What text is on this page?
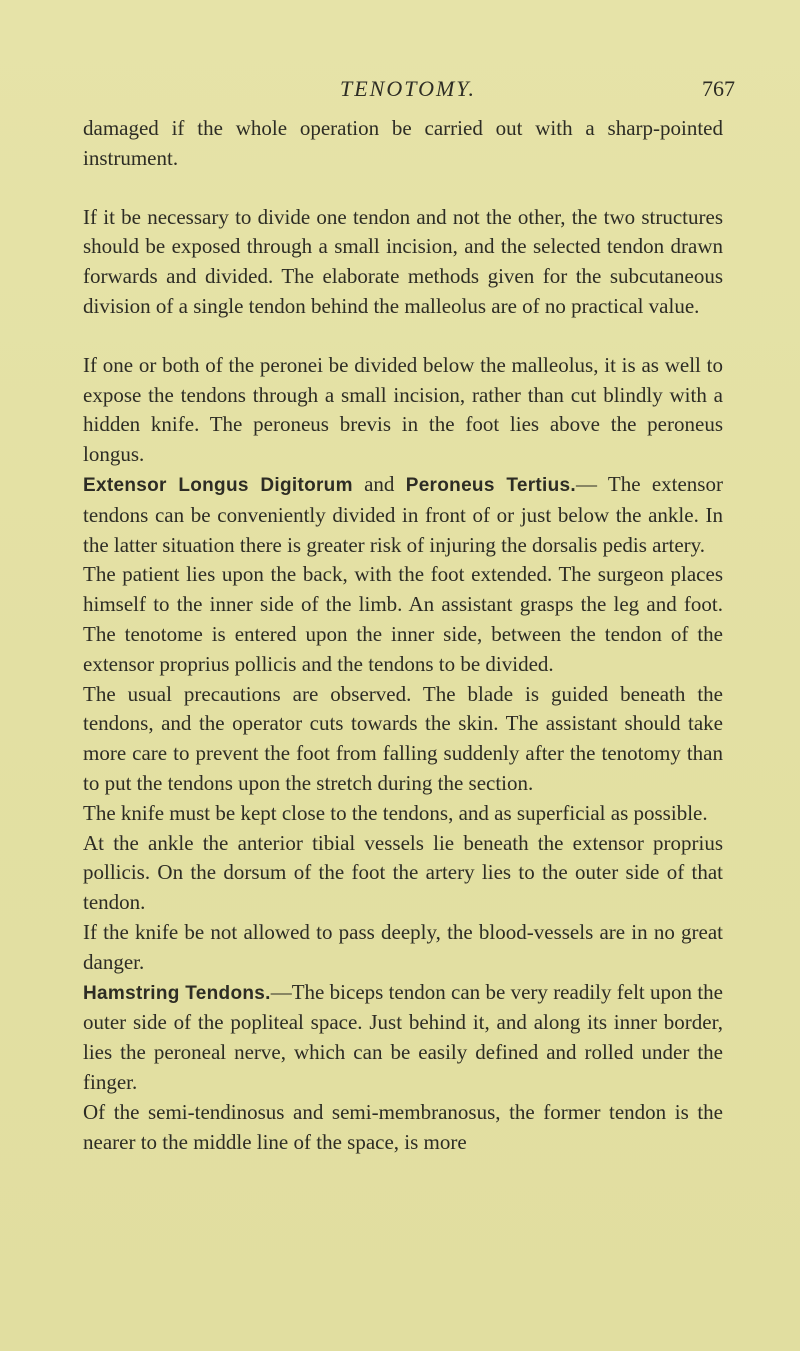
TENOTOMY.	767

damaged if the whole operation be carried out with a sharp-pointed instrument.

If it be necessary to divide one tendon and not the other, the two structures should be exposed through a small incision, and the selected tendon drawn forwards and divided. The elaborate methods given for the subcutaneous division of a single tendon behind the malleolus are of no practical value.

If one or both of the peronei be divided below the malleolus, it is as well to expose the tendons through a small incision, rather than cut blindly with a hidden knife. The peroneus brevis in the foot lies above the peroneus longus.

Extensor Longus Digitorum and Peroneus Tertius.— The extensor tendons can be conveniently divided in front of or just below the ankle. In the latter situation there is greater risk of injuring the dorsalis pedis artery.

The patient lies upon the back, with the foot extended. The surgeon places himself to the inner side of the limb. An assistant grasps the leg and foot. The tenotome is entered upon the inner side, between the tendon of the extensor proprius pollicis and the tendons to be divided.

The usual precautions are observed. The blade is guided beneath the tendons, and the operator cuts towards the skin. The assistant should take more care to prevent the foot from falling suddenly after the tenotomy than to put the tendons upon the stretch during the section.

The knife must be kept close to the tendons, and as superficial as possible.

At the ankle the anterior tibial vessels lie beneath the extensor proprius pollicis. On the dorsum of the foot the artery lies to the outer side of that tendon.

If the knife be not allowed to pass deeply, the blood-vessels are in no great danger.

Hamstring Tendons.—The biceps tendon can be very readily felt upon the outer side of the popliteal space. Just behind it, and along its inner border, lies the peroneal nerve, which can be easily defined and rolled under the finger.

Of the semi-tendinosus and semi-membranosus, the former tendon is the nearer to the middle line of the space, is more
